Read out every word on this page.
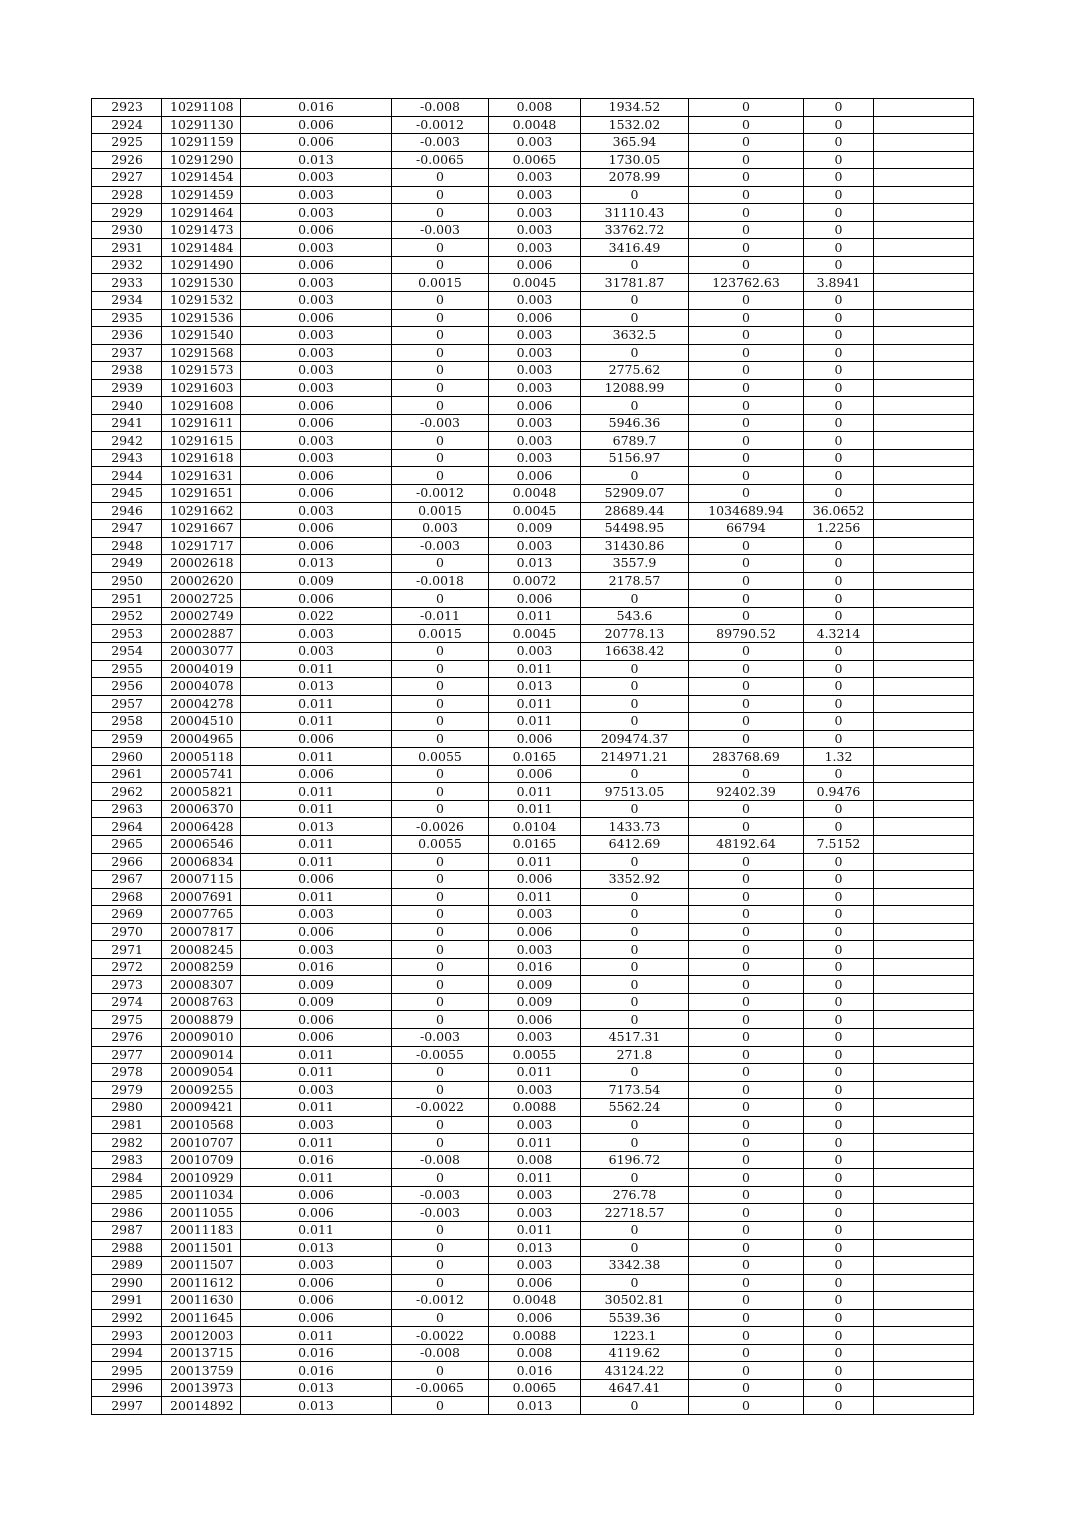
2923	10291108	0.016	-0.008	0.008	1934.52	0	0	
2924	10291130	0.006	-0.0012	0.0048	1532.02	0	0	
2925	10291159	0.006	-0.003	0.003	365.94	0	0	
2926	10291290	0.013	-0.0065	0.0065	1730.05	0	0	
2927	10291454	0.003	0	0.003	2078.99	0	0	
2928	10291459	0.003	0	0.003	0	0	0	
2929	10291464	0.003	0	0.003	31110.43	0	0	
2930	10291473	0.006	-0.003	0.003	33762.72	0	0	
2931	10291484	0.003	0	0.003	3416.49	0	0	
2932	10291490	0.006	0	0.006	0	0	0	
2933	10291530	0.003	0.0015	0.0045	31781.87	123762.63	3.8941	
2934	10291532	0.003	0	0.003	0	0	0	
2935	10291536	0.006	0	0.006	0	0	0	
2936	10291540	0.003	0	0.003	3632.5	0	0	
2937	10291568	0.003	0	0.003	0	0	0	
2938	10291573	0.003	0	0.003	2775.62	0	0	
2939	10291603	0.003	0	0.003	12088.99	0	0	
2940	10291608	0.006	0	0.006	0	0	0	
2941	10291611	0.006	-0.003	0.003	5946.36	0	0	
2942	10291615	0.003	0	0.003	6789.7	0	0	
2943	10291618	0.003	0	0.003	5156.97	0	0	
2944	10291631	0.006	0	0.006	0	0	0	
2945	10291651	0.006	-0.0012	0.0048	52909.07	0	0	
2946	10291662	0.003	0.0015	0.0045	28689.44	1034689.94	36.0652	
2947	10291667	0.006	0.003	0.009	54498.95	66794	1.2256	
2948	10291717	0.006	-0.003	0.003	31430.86	0	0	
2949	20002618	0.013	0	0.013	3557.9	0	0	
2950	20002620	0.009	-0.0018	0.0072	2178.57	0	0	
2951	20002725	0.006	0	0.006	0	0	0	
2952	20002749	0.022	-0.011	0.011	543.6	0	0	
2953	20002887	0.003	0.0015	0.0045	20778.13	89790.52	4.3214	
2954	20003077	0.003	0	0.003	16638.42	0	0	
2955	20004019	0.011	0	0.011	0	0	0	
2956	20004078	0.013	0	0.013	0	0	0	
2957	20004278	0.011	0	0.011	0	0	0	
2958	20004510	0.011	0	0.011	0	0	0	
2959	20004965	0.006	0	0.006	209474.37	0	0	
2960	20005118	0.011	0.0055	0.0165	214971.21	283768.69	1.32	
2961	20005741	0.006	0	0.006	0	0	0	
2962	20005821	0.011	0	0.011	97513.05	92402.39	0.9476	
2963	20006370	0.011	0	0.011	0	0	0	
2964	20006428	0.013	-0.0026	0.0104	1433.73	0	0	
2965	20006546	0.011	0.0055	0.0165	6412.69	48192.64	7.5152	
2966	20006834	0.011	0	0.011	0	0	0	
2967	20007115	0.006	0	0.006	3352.92	0	0	
2968	20007691	0.011	0	0.011	0	0	0	
2969	20007765	0.003	0	0.003	0	0	0	
2970	20007817	0.006	0	0.006	0	0	0	
2971	20008245	0.003	0	0.003	0	0	0	
2972	20008259	0.016	0	0.016	0	0	0	
2973	20008307	0.009	0	0.009	0	0	0	
2974	20008763	0.009	0	0.009	0	0	0	
2975	20008879	0.006	0	0.006	0	0	0	
2976	20009010	0.006	-0.003	0.003	4517.31	0	0	
2977	20009014	0.011	-0.0055	0.0055	271.8	0	0	
2978	20009054	0.011	0	0.011	0	0	0	
2979	20009255	0.003	0	0.003	7173.54	0	0	
2980	20009421	0.011	-0.0022	0.0088	5562.24	0	0	
2981	20010568	0.003	0	0.003	0	0	0	
2982	20010707	0.011	0	0.011	0	0	0	
2983	20010709	0.016	-0.008	0.008	6196.72	0	0	
2984	20010929	0.011	0	0.011	0	0	0	
2985	20011034	0.006	-0.003	0.003	276.78	0	0	
2986	20011055	0.006	-0.003	0.003	22718.57	0	0	
2987	20011183	0.011	0	0.011	0	0	0	
2988	20011501	0.013	0	0.013	0	0	0	
2989	20011507	0.003	0	0.003	3342.38	0	0	
2990	20011612	0.006	0	0.006	0	0	0	
2991	20011630	0.006	-0.0012	0.0048	30502.81	0	0	
2992	20011645	0.006	0	0.006	5539.36	0	0	
2993	20012003	0.011	-0.0022	0.0088	1223.1	0	0	
2994	20013715	0.016	-0.008	0.008	4119.62	0	0	
2995	20013759	0.016	0	0.016	43124.22	0	0	
2996	20013973	0.013	-0.0065	0.0065	4647.41	0	0	
2997	20014892	0.013	0	0.013	0	0	0	
